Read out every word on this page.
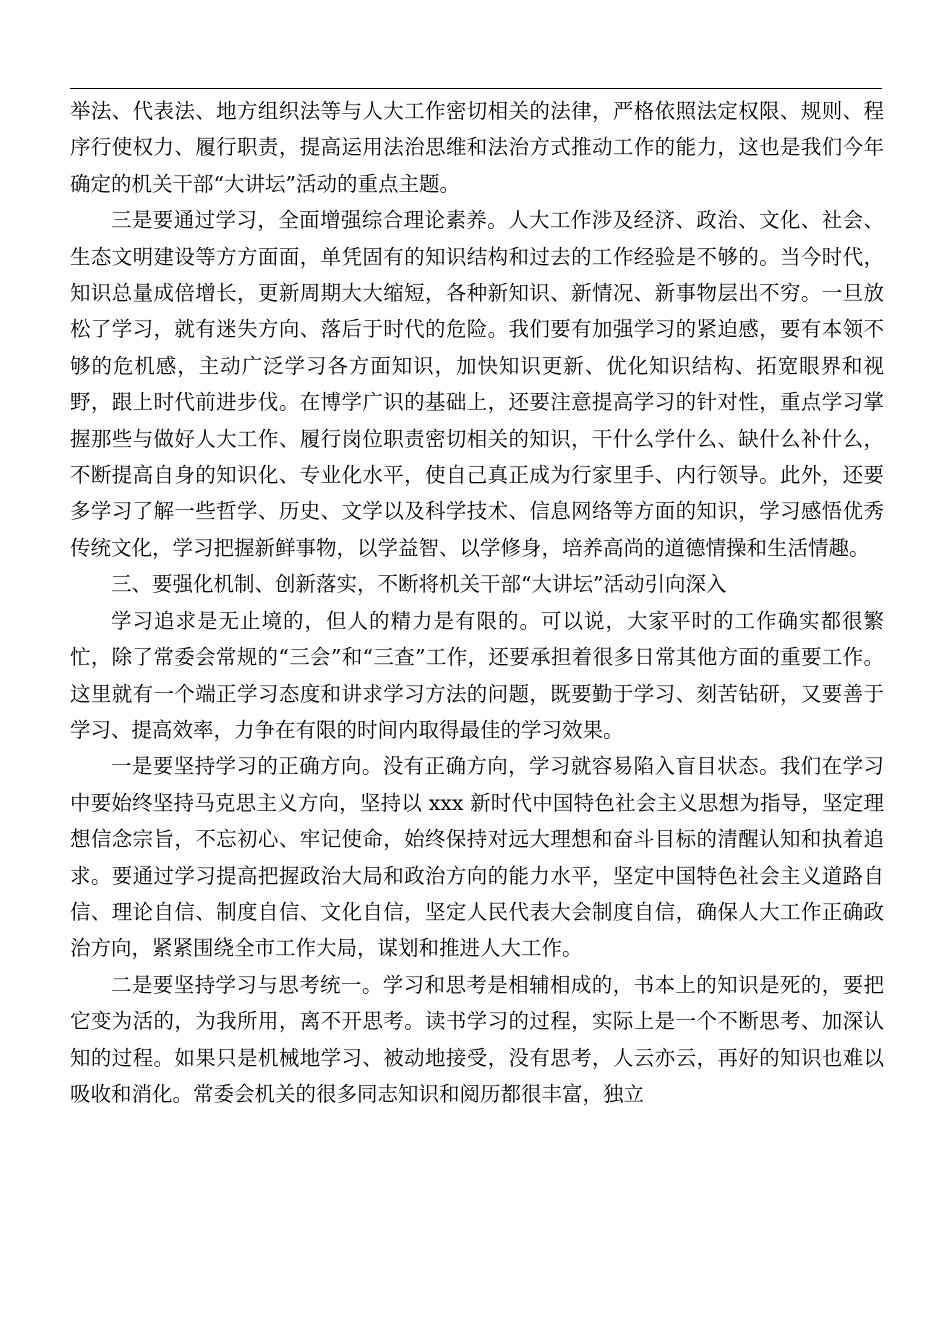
举法、代表法、地方组织法等与人大工作密切相关的法律，严格依照法定权限、规则、程序行使权力、履行职责，提高运用法治思维和法治方式推动工作的能力，这也是我们今年确定的机关干部“大讲坛”活动的重点主题。

三是要通过学习，全面增强综合理论素养。人大工作涉及经济、政治、文化、社会、生态文明建设等方方面面，单凭固有的知识结构和过去的工作经验是不够的。当今时代，知识总量成倍增长，更新周期大大缩短，各种新知识、新情况、新事物层出不穷。一旦放松了学习，就有迷失方向、落后于时代的危险。我们要有加强学习的紧迫感，要有本领不够的危机感，主动广泛学习各方面知识，加快知识更新、优化知识结构、拓宽眼界和视野，跟上时代前进步伐。在博学广识的基础上，还要注意提高学习的针对性，重点学习掌握那些与做好人大工作、履行岗位职责密切相关的知识，干什么学什么、缺什么补什么，不断提高自身的知识化、专业化水平，使自己真正成为行家里手、内行领导。此外，还要多学习了解一些哲学、历史、文学以及科学技术、信息网络等方面的知识，学习感悟优秀传统文化，学习把握新鲜事物，以学益智、以学修身，培养高尚的道德情操和生活情趣。

三、要强化机制、创新落实，不断将机关干部“大讲坛”活动引向深入

学习追求是无止境的，但人的精力是有限的。可以说，大家平时的工作确实都很繁忙，除了常委会常规的“三会”和“三查”工作，还要承担着很多日常其他方面的重要工作。这里就有一个端正学习态度和讲求学习方法的问题，既要勤于学习、刻苦钻研，又要善于学习、提高效率，力争在有限的时间内取得最佳的学习效果。

一是要坚持学习的正确方向。没有正确方向，学习就容易陷入盲目状态。我们在学习中要始终坚持马克思主义方向，坚持以 xxx 新时代中国特色社会主义思想为指导，坚定理想信念宗旨，不忘初心、牢记使命，始终保持对远大理想和奋斗目标的清醒认知和执着追求。要通过学习提高把握政治大局和政治方向的能力水平，坚定中国特色社会主义道路自信、理论自信、制度自信、文化自信，坚定人民代表大会制度自信，确保人大工作正确政治方向，紧紧围绕全市工作大局，谋划和推进人大工作。

二是要坚持学习与思考统一。学习和思考是相辅相成的，书本上的知识是死的，要把它变为活的，为我所用，离不开思考。读书学习的过程，实际上是一个不断思考、加深认知的过程。如果只是机械地学习、被动地接受，没有思考，人云亦云，再好的知识也难以吸收和消化。常委会机关的很多同志知识和阅历都很丰富，独立
